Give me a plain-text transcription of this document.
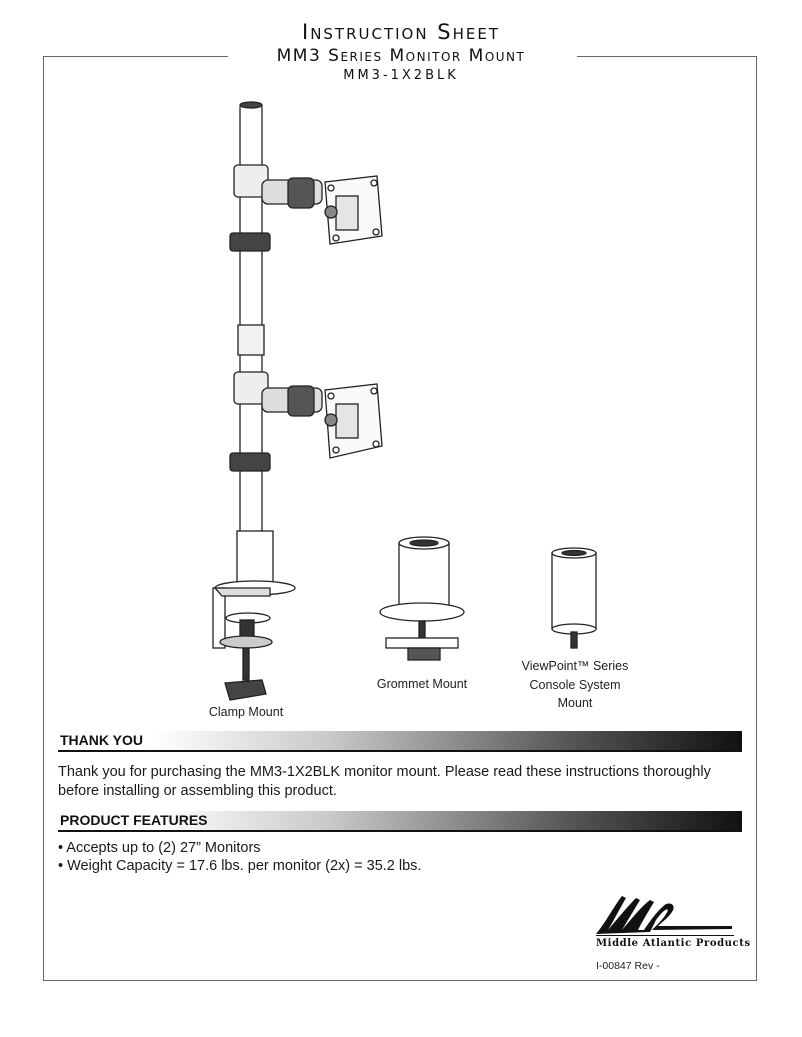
Instruction Sheet
MM3 Series Monitor Mount
MM3-1X2BLK
Clamp Mount
Grommet Mount
ViewPoint™ Series
Console System
Mount
THANK YOU
Thank you for purchasing the MM3-1X2BLK monitor mount. Please read these instructions thoroughly before installing or assembling this product.
PRODUCT FEATURES
• Accepts up to (2) 27” Monitors
• Weight Capacity = 17.6 lbs. per monitor (2x) = 35.2 lbs.
Middle Atlantic Products
I-00847 Rev -
